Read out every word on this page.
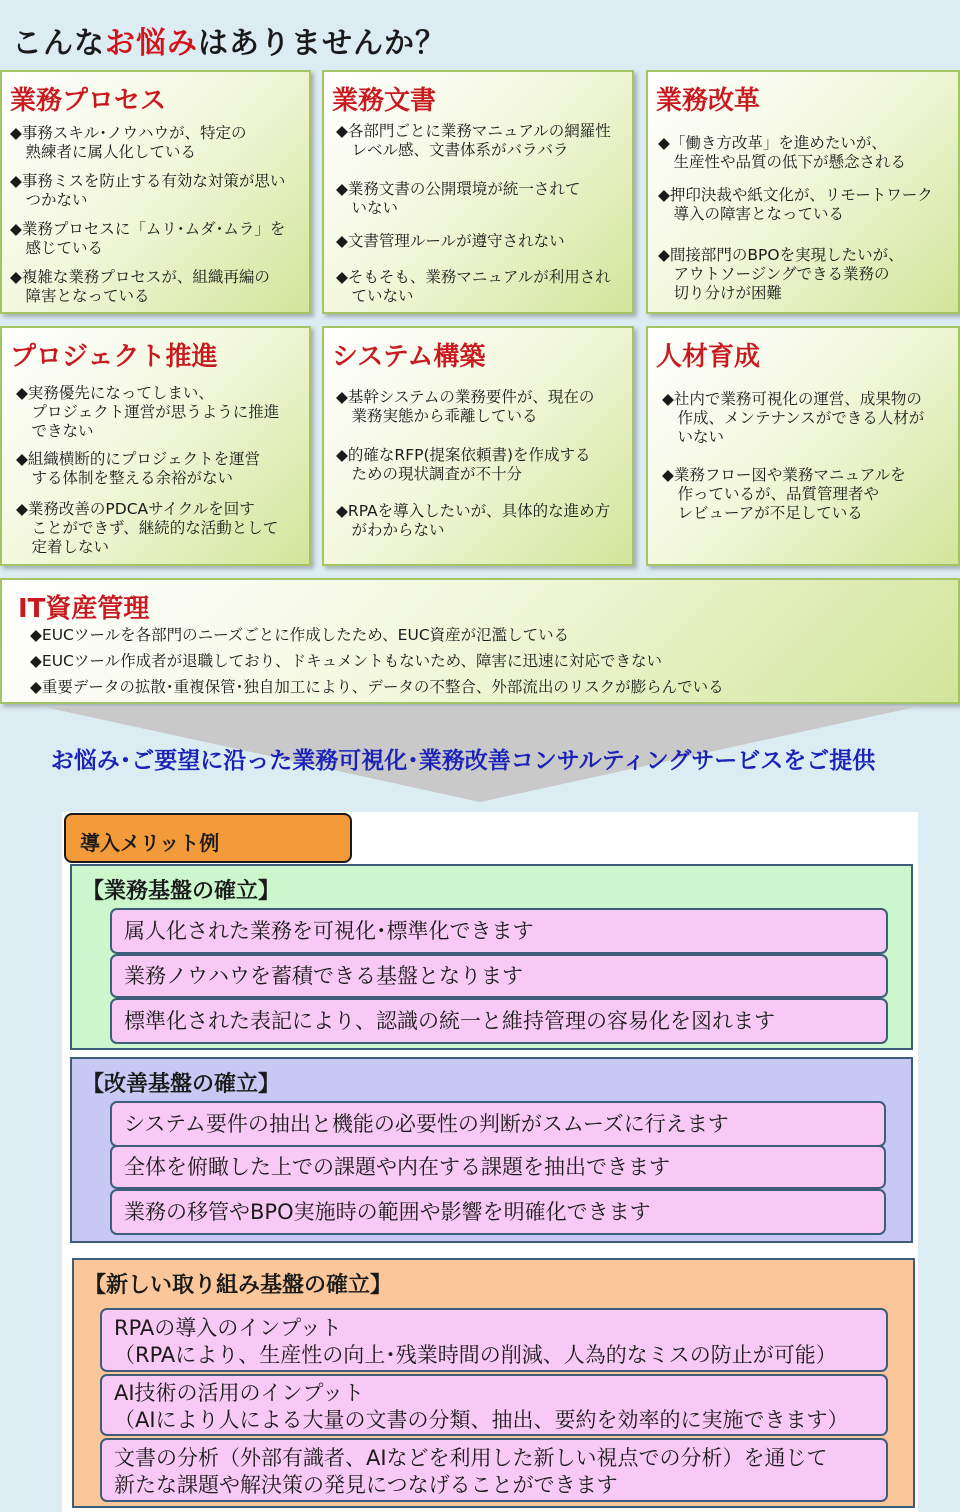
こんなお悩みはありませんか？
業務プロセス
◆事務スキル･ノウハウが、特定の
　熟練者に属人化している
◆事務ミスを防止する有効な対策が思い
　つかない
◆業務プロセスに「ムリ･ムダ･ムラ」を
　感じている
◆複雑な業務プロセスが、組織再編の
　障害となっている
業務文書
◆各部門ごとに業務マニュアルの網羅性
　レベル感、文書体系がバラバラ
◆業務文書の公開環境が統一されて
　いない
◆文書管理ルールが遵守されない
◆そもそも、業務マニュアルが利用され
　ていない
業務改革
◆「働き方改革」を進めたいが、
　生産性や品質の低下が懸念される
◆押印決裁や紙文化が、リモートワーク
　導入の障害となっている
◆間接部門のBPOを実現したいが、
　アウトソージングできる業務の
　切り分けが困難
プロジェクト推進
◆実務優先になってしまい、
　プロジェクト運営が思うように推進
　できない
◆組織横断的にプロジェクトを運営
　する体制を整える余裕がない
◆業務改善のPDCAサイクルを回す
　ことができず、継続的な活動として
　定着しない
システム構築
◆基幹システムの業務要件が、現在の
　業務実態から乖離している
◆的確なRFP(提案依頼書)を作成する
　ための現状調査が不十分
◆RPAを導入したいが、具体的な進め方
　がわからない
人材育成
◆社内で業務可視化の運営、成果物の
　作成、メンテナンスができる人材が
　いない
◆業務フロー図や業務マニュアルを
　作っているが、品質管理者や
　レビューアが不足している
IT資産管理
◆EUCツールを各部門のニーズごとに作成したため、EUC資産が氾濫している
◆EUCツール作成者が退職しており、ドキュメントもないため、障害に迅速に対応できない
◆重要データの拡散･重複保管･独自加工により、データの不整合、外部流出のリスクが膨らんでいる
お悩み･ご要望に沿った業務可視化･業務改善コンサルティングサービスをご提供
導入メリット例
【業務基盤の確立】
属人化された業務を可視化･標準化できます
業務ノウハウを蓄積できる基盤となります
標準化された表記により、認識の統一と維持管理の容易化を図れます
【改善基盤の確立】
システム要件の抽出と機能の必要性の判断がスムーズに行えます
全体を俯瞰した上での課題や内在する課題を抽出できます
業務の移管やBPO実施時の範囲や影響を明確化できます
【新しい取り組み基盤の確立】
RPAの導入のインプット
（RPAにより、生産性の向上･残業時間の削減、人為的なミスの防止が可能）
AI技術の活用のインプット
（AIにより人による大量の文書の分類、抽出、要約を効率的に実施できます）
文書の分析（外部有識者、AIなどを利用した新しい視点での分析）を通じて
新たな課題や解決策の発見につなげることができます
